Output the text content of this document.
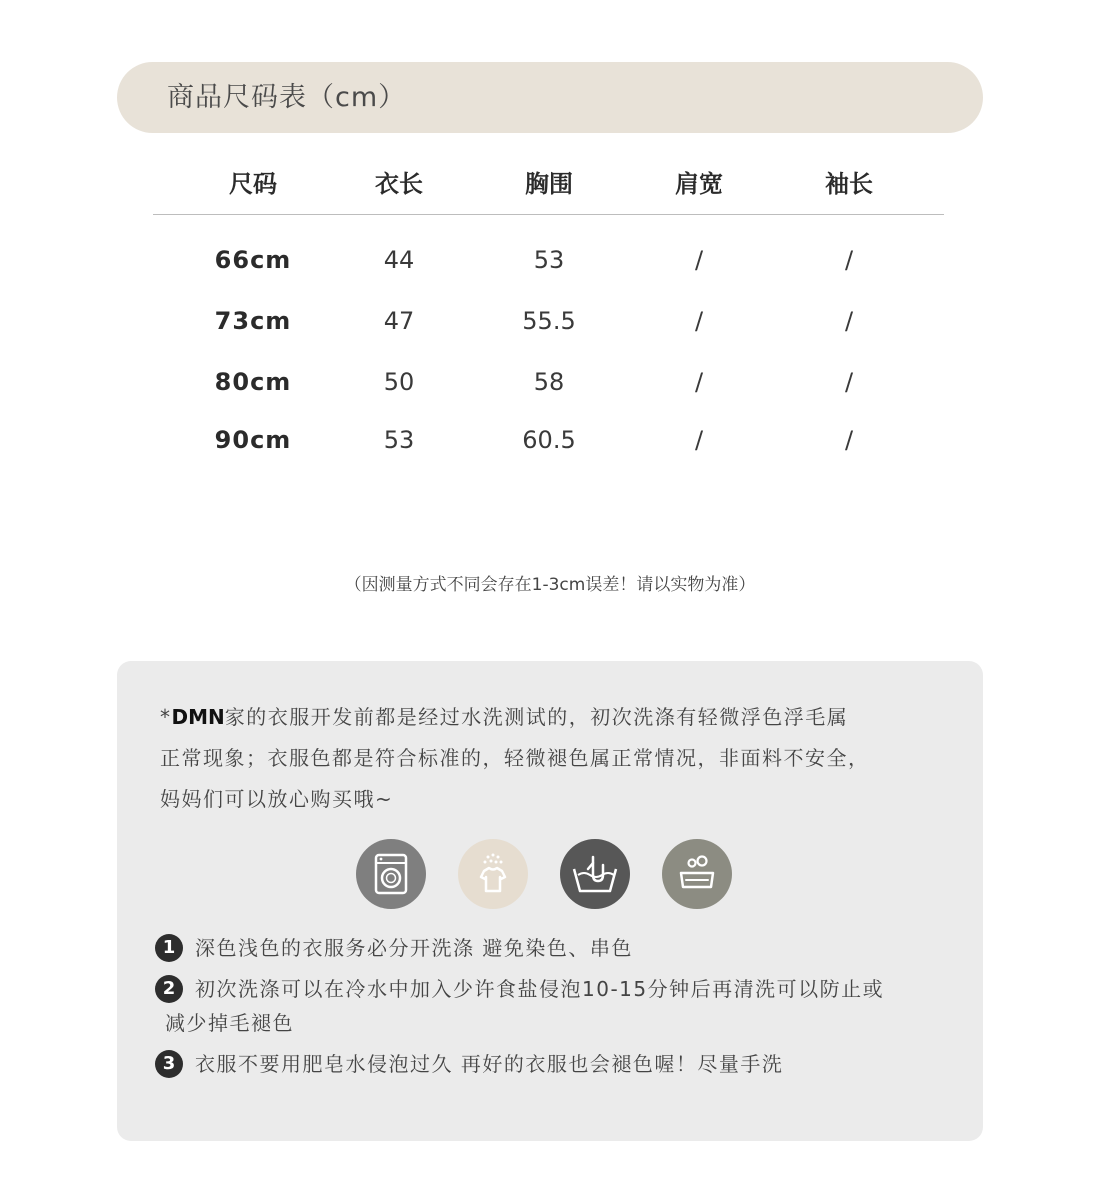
商品尺码表（cm）
尺码	衣长	胸围	肩宽	袖长
66cm	44	53	/	/
73cm	47	55.5	/	/
80cm	50	58	/	/
90cm	53	60.5	/	/
（因测量方式不同会存在1-3cm误差！请以实物为准）
*DMN家的衣服开发前都是经过水洗测试的，初次洗涤有轻微浮色浮毛属
正常现象；衣服色都是符合标准的，轻微褪色属正常情况，非面料不安全，
妈妈们可以放心购买哦~
1 深色浅色的衣服务必分开洗涤 避免染色、串色
2 初次洗涤可以在冷水中加入少许食盐侵泡10-15分钟后再清洗可以防止或
减少掉毛褪色
3 衣服不要用肥皂水侵泡过久 再好的衣服也会褪色喔！尽量手洗
